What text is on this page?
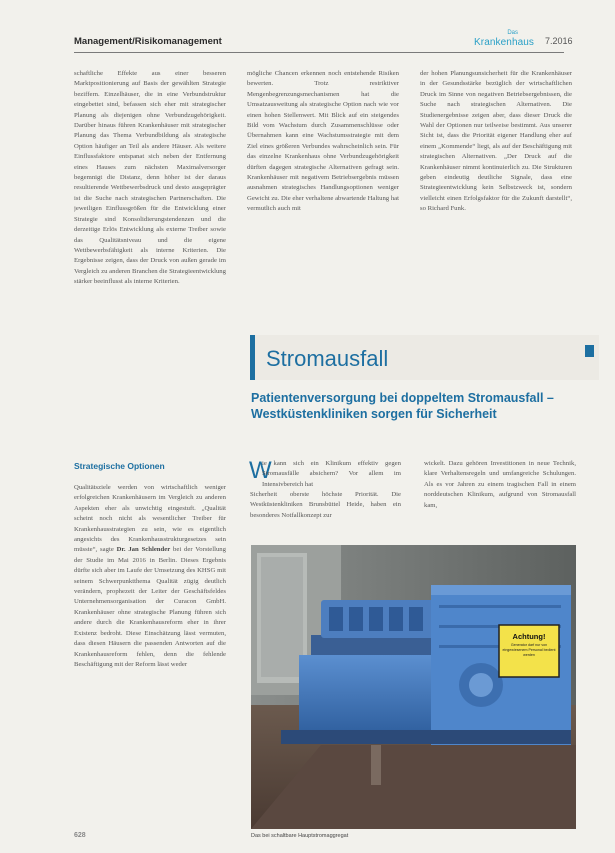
Management/Risikomanagement
Das
Krankenhaus 7.2016

schaftliche Effekte aus einer besseren Marktpositionierung auf Basis der gewählten Strategie beziffern. Einzelhäuser, die in eine Verbundstruktur eingebettet sind, befassen sich eher mit strategischer Planung als diejenigen ohne Verbundzugehörigkeit. Darüber hinaus führen Krankenhäuser mit strategischer Planung das Thema Verbundbildung als strategische Option häufiger an Teil als andere Häuser. Als weitere Einflussfaktore entspanat sich neben der Entfernung eines Hauses zum nächsten Maximalversorger begemnigt die Distanz, denn höher ist der daraus resultierende Wettbewerbsdruck und desto ausgeprägter ist die Suche nach strategischen Partnerschaften. Die jeweiligen Einflussgrößen für die Entwicklung einer Strategie sind Konsolidierungstendenzen und die derzeitige Erlös Entwicklung als externe Treiber sowie das Qualitätsniveau und die eigene Wettbewerbsfähigkeit als interne Kriterien. Die Ergebnisse zeigen, dass der Druck von außen gerade im Vergleich zu anderen Branchen die Strategieentwicklung stärker beeinflusst als interne Kriterien.

Strategische Optionen

Qualitätsziele werden von wirtschaftlich weniger erfolgreichen Krankenhäusern im Vergleich zu anderen Aspekten eher als unwichtig eingestuft. „Qualität scheint noch nicht als wesentlicher Treiber für Krankenhausstrategien zu sein, wie es eigentlich angesichts des Krankenhausstrukturgesetzes sein müsste“, sagte Dr. Jan Schlender bei der Vorstellung der Studie im Mai 2016 in Berlin. Dieses Ergebnis dürfte sich aber im Laufe der Umsetzung des KHSG mit seinem Schwerpunktthema Qualität zügig deutlich verändern, prophezeit der Leiter der Geschäftsfeldes Unternehmensorganisation der Curacon GmbH. Krankenhäuser ohne strategische Planung führen sich andere durch die Krankenhausreform eher in ihrer Existenz bedroht. Diese Einschätzung lässt vermuten, dass diesen Häusern die passenden Antworten auf die Krankenhausreform fehlen, denn die fehlende Beschäftigung mit der Reform lässt weder

mögliche Chancen erkennen noch entstehende Risiken bewerten. Trotz restriktiver Mengenbegrenzungsmechanismen hat die Umsatzausweitung als strategische Option nach wie vor einen hohen Stellenwert. Mit Blick auf ein steigendes Bild vom Wachstum durch Zusammenschlüsse oder Übernahmen kann eine Wachstumsstrategie mit dem Ziel eines größeren Verbundes wahrscheinlich sein. Für das einzelne Krankenhaus ohne Verbundzugehörigkeit dürften dagegen strategische Alternativen gefragt sein. Krankenhäuser mit negativem Betriebsergebnis müssen ausnahmen strategisches Handlungsoptionen weniger Gewicht zu. Die eher verhaltene abwartende Haltung hat vermutlich auch mit

der hohen Planungsunsicherheit für die Krankenhäuser in der Gesundsstärke bezüglich der wirtschaftlichen Druck im Sinne von negativen Betriebsergebnissen, die Suche nach strategischen Alternativen. Die Studienergebnisse zeigen aber, dass dieser Druck die Wahl der Optionen nur teilweise bestimmt. Aus unserer Sicht ist, dass die Priorität eigener Handlung eher auf einem „Kommende“ liegt, als auf der Beschäftigung mit strategischen Alternativen. „Der Druck auf die Krankenhäuser nimmt kontinuierlich zu. Die Strukturen geben eindeutig deutliche Signale, dass eine Strategieentwicklung kein Selbstzweck ist, sondern vielleicht einen Erfolgsfaktor für die Zukunft darstellt“, so Richard Funk.

Stromausfall
Patientenversorgung bei doppeltem Stromausfall – Westküstenkliniken sorgen für Sicherheit
W

ie kann sich ein Klinikum effektiv gegen Stromausfälle absichern? Vor allem im Intensivbereich hat

Sicherheit oberste höchste Priorität. Die Westküstenkliniken Brunsbüttel Heide, haben ein besonderes Notfallkonzept zur

wickelt. Dazu gehören Investitionen in neue Technik, klare Verhaltensregeln und umfangreiche Schulungen. Als es vor Jahren zu einem tragischen Fall in einem norddeutschen Klinikum, aufgrund von Stromausfall kam,

Achtung!
Generator darf nur von eingewiesenem Personal bedient werden
Das bei schaltbare Hauptstromaggregat
628
